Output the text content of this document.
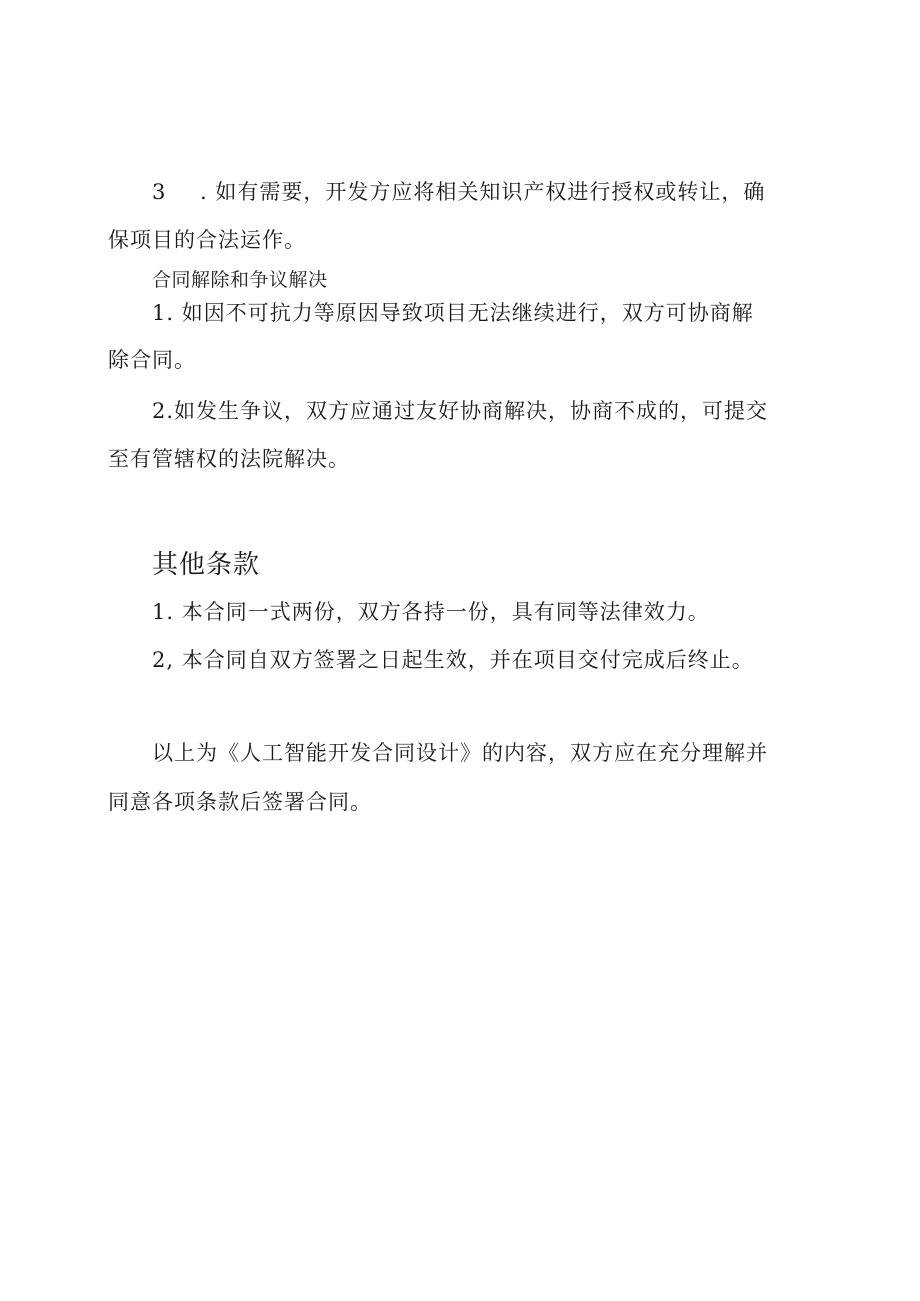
3 . 如有需要，开发方应将相关知识产权进行授权或转让，确
保项目的合法运作。
合同解除和争议解决
1. 如因不可抗力等原因导致项目无法继续进行，双方可协商解
除合同。
2.如发生争议，双方应通过友好协商解决，协商不成的，可提交
至有管辖权的法院解决。
其他条款
1. 本合同一式两份，双方各持一份，具有同等法律效力。
2, 本合同自双方签署之日起生效，并在项目交付完成后终止。
以上为《人工智能开发合同设计》的内容，双方应在充分理解并
同意各项条款后签署合同。
